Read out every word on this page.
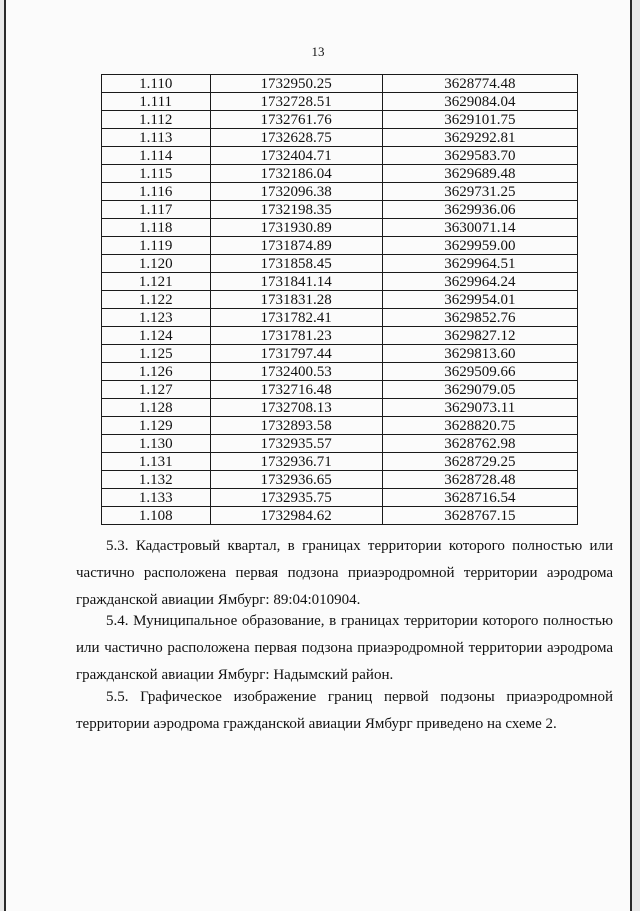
13
1.110	1732950.25	3628774.48
1.111	1732728.51	3629084.04
1.112	1732761.76	3629101.75
1.113	1732628.75	3629292.81
1.114	1732404.71	3629583.70
1.115	1732186.04	3629689.48
1.116	1732096.38	3629731.25
1.117	1732198.35	3629936.06
1.118	1731930.89	3630071.14
1.119	1731874.89	3629959.00
1.120	1731858.45	3629964.51
1.121	1731841.14	3629964.24
1.122	1731831.28	3629954.01
1.123	1731782.41	3629852.76
1.124	1731781.23	3629827.12
1.125	1731797.44	3629813.60
1.126	1732400.53	3629509.66
1.127	1732716.48	3629079.05
1.128	1732708.13	3629073.11
1.129	1732893.58	3628820.75
1.130	1732935.57	3628762.98
1.131	1732936.71	3628729.25
1.132	1732936.65	3628728.48
1.133	1732935.75	3628716.54
1.108	1732984.62	3628767.15

5.3. Кадастровый квартал, в границах территории которого полностью или частично расположена первая подзона приаэродромной территории аэродрома гражданской авиации Ямбург: 89:04:010904.

5.4. Муниципальное образование, в границах территории которого полностью или частично расположена первая подзона приаэродромной территории аэродрома гражданской авиации Ямбург: Надымский район.

5.5. Графическое изображение границ первой подзоны приаэродромной территории аэродрома гражданской авиации Ямбург приведено на схеме 2.
